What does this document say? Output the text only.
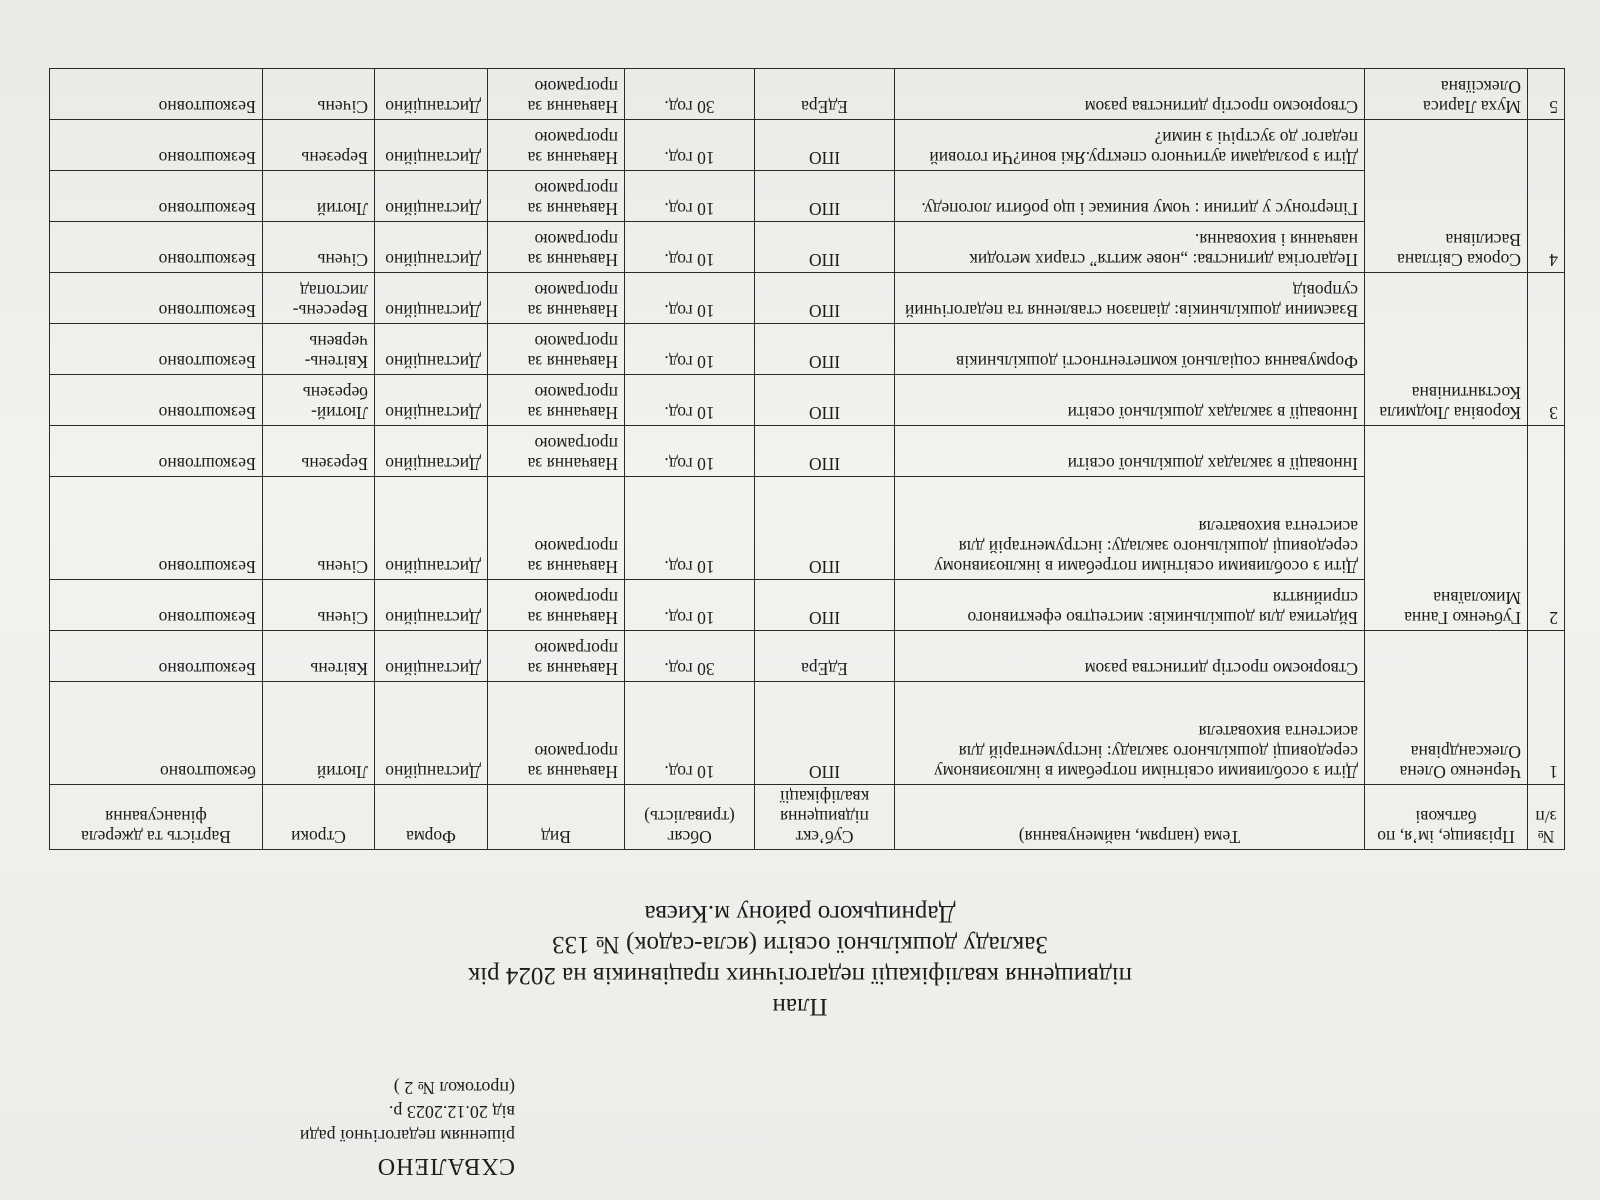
СХВАЛЕНО
рішенням педагогічної ради
від 20.12.2023 р.
(протокол № 2 )
План
підвищення кваліфікації педагогічних працівників на 2024 рік
Закладу дошкільної освіти (ясла-садок) № 133
Дарницького району м.Києва
№ з/п	Прізвище, ім’я, по батькові	Тема (напрям, найменування)	Суб’єкт підвищення кваліфікації	Обсяг (тривалість)	Вид	Форма	Строки	Вартість та джерела фінансування
1	Черненко Олена Олександрівна	Діти з особливими освітніми потребами в інклюзивному середовищі дошкільного закладу: інструментарій для асистента вихователя	ІПО	10 год.	Навчання за програмою	Дистанційно	Лютий	безкоштовно
		Створюємо простір дитинства разом	ЕдЕра	30 год.	Навчання за програмою	Дистанційно	Квітень	Безкоштовно
2	Губченко Ганна Миколаївна	Бйдетика для дошкільників: мистецтво ефективного сприйняття	ІПО	10 год.	Навчання за програмою	Дистанційно	Січень	Безкоштовно
		Діти з особливими освітніми потребами в інклюзивному середовищі дошкільного закладу: інструментарій для асистента вихователя	ІПО	10 год.	Навчання за програмою	Дистанційно	Січень	Безкоштовно
		Інновації в закладах дошкільної освіти	ІПО	10 год.	Навчання за програмою	Дистанційно	Березень	Безкоштовно
3	Коровіна Людмила Костянтинівна	Інновації в закладах дошкільної освіти	ІПО	10 год.	Навчання за програмою	Дистанційно	Лютий-березень	Безкоштовно
		Формування соціальної компетентності дошкільників	ІПО	10 год.	Навчання за програмою	Дистанційно	Квітень-червень	Безкоштовно
		Взаємини дошкільників: діапазон ставлення та педагогічний супровід	ІПО	10 год.	Навчання за програмою	Дистанційно	Вересень-листопад	Безкоштовно
4	Сорока Світлана Василівна	Педагогіка дитинства: „нове життя” старих методик навчання і виховання.	ІПО	10 год.	Навчання за програмою	Дистанційно	Січень	Безкоштовно
		Гіпертонус у дитини : чому виникає і що робити логопеду.	ІПО	10 год.	Навчання за програмою	Дистанційно	Лютий	Безкоштовно
		Діти з розладами аутичного спектру.Які вони?Чи готовий педагог до зустрічі з ними?	ІПО	10 год.	Навчання за програмою	Дистанційно	Березень	Безкоштовно
5	Муха Лариса Олексіївна	Створюємо простір дитинства разом	ЕдЕра	30 год.	Навчання за програмою	Дистанційно	Січень	Безкоштовно
